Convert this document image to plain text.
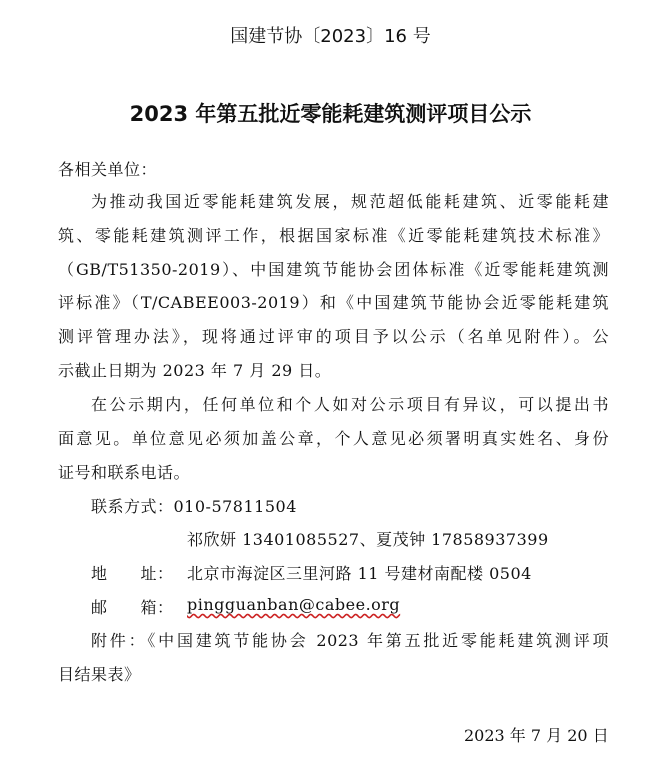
国建节协〔2023〕16 号
2023 年第五批近零能耗建筑测评项目公示
各相关单位：
为推动我国近零能耗建筑发展，规范超低能耗建筑、近零能耗建
筑、零能耗建筑测评工作，根据国家标准《近零能耗建筑技术标准》
（GB/T51350-2019）、中国建筑节能协会团体标准《近零能耗建筑测
评标准》（T/CABEE003-2019）和《中国建筑节能协会近零能耗建筑
测评管理办法》，现将通过评审的项目予以公示（名单见附件）。公
示截止日期为 2023 年 7 月 29 日。
在公示期内，任何单位和个人如对公示项目有异议，可以提出书
面意见。单位意见必须加盖公章，个人意见必须署明真实姓名、身份
证号和联系电话。
联系方式：010-57811504
祁欣妍 13401085527、夏茂钟 17858937399
地　　址： 北京市海淀区三里河路 11 号建材南配楼 0504
邮　　箱： pingguanban@cabee.org
附件：《中国建筑节能协会 2023 年第五批近零能耗建筑测评项
目结果表》
2023 年 7 月 20 日
